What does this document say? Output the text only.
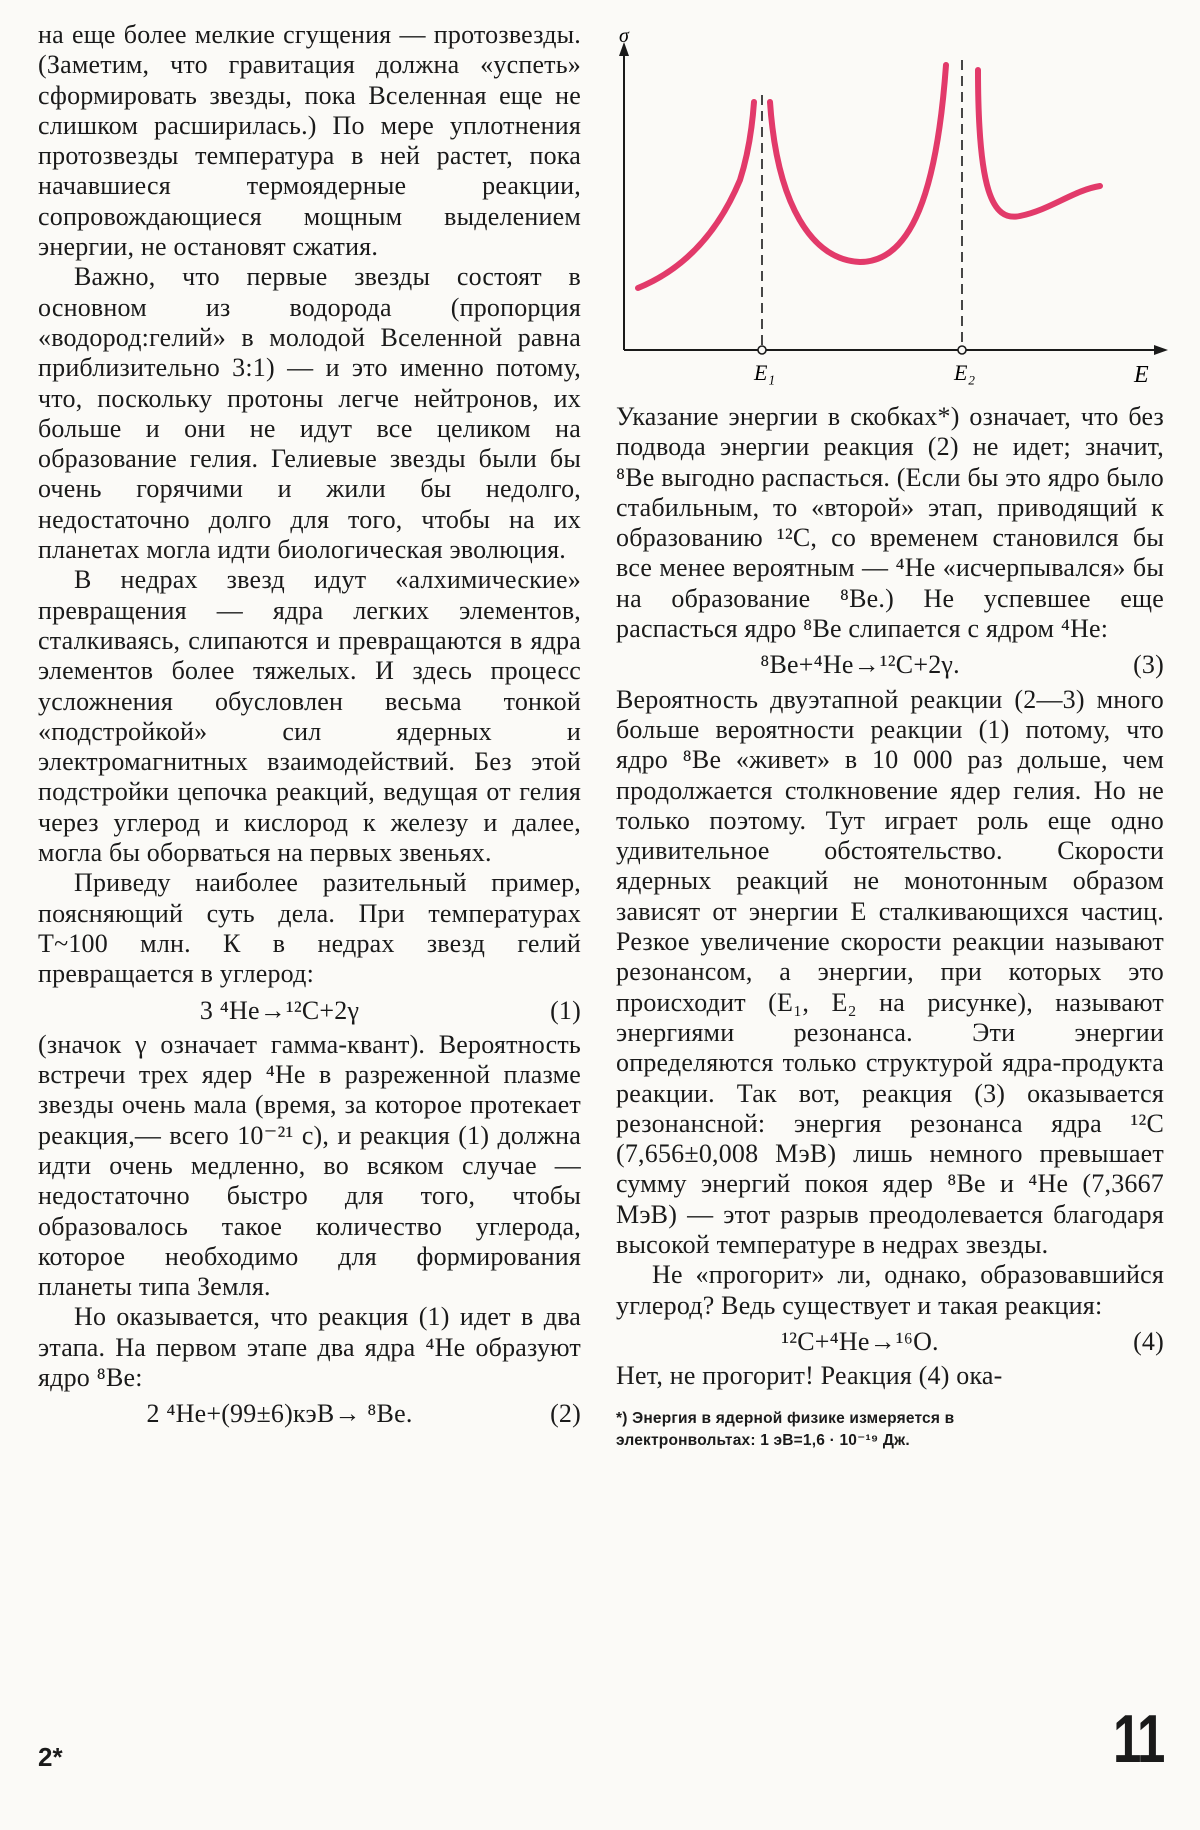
на еще более мелкие сгущения — протозвезды. (Заметим, что гравитация должна «успеть» сформировать звезды, пока Вселенная еще не слишком расширилась.) По мере уплотнения протозвезды температура в ней растет, пока начавшиеся термоядерные реакции, сопровождающиеся мощным выделением энергии, не остановят сжатия.

Важно, что первые звезды состоят в основном из водорода (пропорция «водород:гелий» в молодой Вселенной равна приблизительно 3:1) — и это именно потому, что, поскольку протоны легче нейтронов, их больше и они не идут все целиком на образование гелия. Гелиевые звезды были бы очень горячими и жили бы недолго, недостаточно долго для того, чтобы на их планетах могла идти биологическая эволюция.

В недрах звезд идут «алхимические» превращения — ядра легких элементов, сталкиваясь, слипаются и превращаются в ядра элементов более тяжелых. И здесь процесс усложнения обусловлен весьма тонкой «подстройкой» сил ядерных и электромагнитных взаимодействий. Без этой подстройки цепочка реакций, ведущая от гелия через углерод и кислород к железу и далее, могла бы оборваться на первых звеньях.

Приведу наиболее разительный пример, поясняющий суть дела. При температурах T~100 млн. К в недрах звезд гелий превращается в углерод:

3 ⁴He→¹²C+2γ	(1)

(значок γ означает гамма-квант). Вероятность встречи трех ядер ⁴He в разреженной плазме звезды очень мала (время, за которое протекает реакция,— всего 10⁻²¹ с), и реакция (1) должна идти очень медленно, во всяком случае — недостаточно быстро для того, чтобы образовалось такое количество углерода, которое необходимо для формирования планеты типа Земля.

Но оказывается, что реакция (1) идет в два этапа. На первом этапе два ядра ⁴He образуют ядро ⁸Be:

2 ⁴He+(99±6)кэВ→ ⁸Be.	(2)
σ
E
E₁	E₂

Указание энергии в скобках*) означает, что без подвода энергии реакция (2) не идет; значит, ⁸Be выгодно распасться. (Если бы это ядро было стабильным, то «второй» этап, приводящий к образованию ¹²C, со временем становился бы все менее вероятным — ⁴He «исчерпывался» бы на образование ⁸Be.) Не успевшее еще распасться ядро ⁸Be слипается с ядром ⁴He:

⁸Be+⁴He→¹²C+2γ.	(3)

Вероятность двуэтапной реакции (2—3) много больше вероятности реакции (1) потому, что ядро ⁸Be «живет» в 10 000 раз дольше, чем продолжается столкновение ядер гелия. Но не только поэтому. Тут играет роль еще одно удивительное обстоятельство. Скорости ядерных реакций не монотонным образом зависят от энергии E сталкивающихся частиц. Резкое увеличение скорости реакции называют резонансом, а энергии, при которых это происходит (E₁, E₂ на рисунке), называют энергиями резонанса. Эти энергии определяются только структурой ядра-продукта реакции. Так вот, реакция (3) оказывается резонансной: энергия резонанса ядра ¹²C (7,656±0,008 МэВ) лишь немного превышает сумму энергий покоя ядер ⁸Be и ⁴He (7,3667 МэВ) — этот разрыв преодолевается благодаря высокой температуре в недрах звезды.

Не «прогорит» ли, однако, образовавшийся углерод? Ведь существует и такая реакция:

¹²C+⁴He→¹⁶O.	(4)

Нет, не прогорит! Реакция (4) ока-

*) Энергия в ядерной физике измеряется в
электронвольтах: 1 эВ=1,6 · 10⁻¹⁹ Дж.
2*	11
